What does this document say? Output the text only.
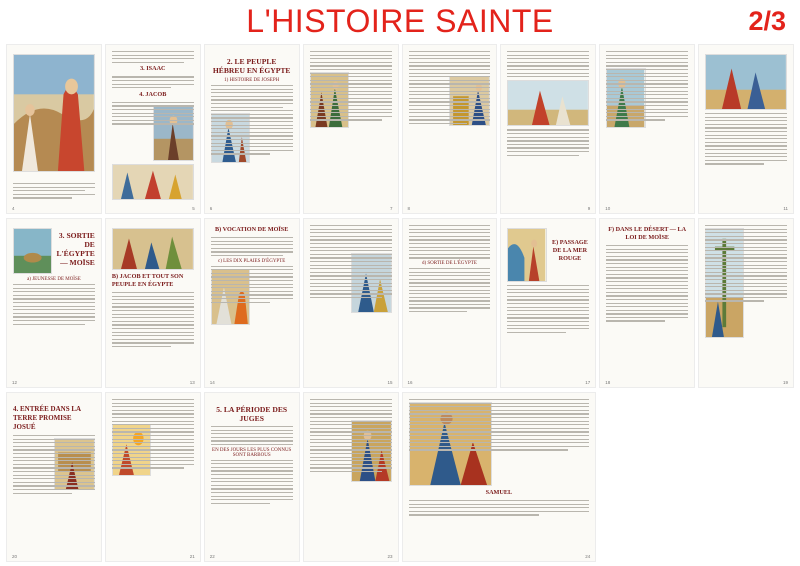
L'HISTOIRE SAINTE	2/3

4
3. ISAAC
4. JACOB
5
2. LE PEUPLE HÉBREU EN ÉGYPTE
1) HISTOIRE DE JOSEPH
6	7	8	9	10	11
3. SORTIE DE L'ÉGYPTE — MOÏSE
a) JEUNESSE DE MOÏSE
12
B) JACOB ET TOUT SON PEUPLE EN ÉGYPTE
13
B) VOCATION DE MOÏSE
c) LES DIX PLAIES D'ÉGYPTE
14	15
d) SORTIE DE L'ÉGYPTE
16
E) PASSAGE DE LA MER ROUGE
17
F) DANS LE DÉSERT — LA LOI DE MOÏSE
18	19
4. ENTRÉE DANS LA TERRE PROMISE JOSUÉ
20	21
5. LA PÉRIODE DES JUGES
EN DES JOURS LES PLUS CONNUS SONT BARBOUS
22	23
SAMUEL
24
